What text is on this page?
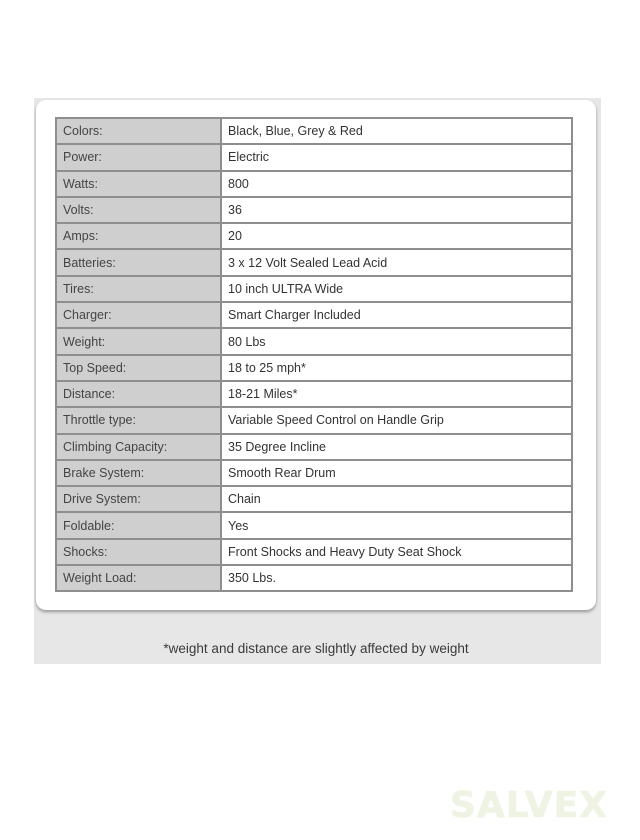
Colors:	Black, Blue, Grey & Red
Power:	Electric
Watts:	800
Volts:	36
Amps:	20
Batteries:	3 x 12 Volt Sealed Lead Acid
Tires:	10 inch ULTRA Wide
Charger:	Smart Charger Included
Weight:	80 Lbs
Top Speed:	18 to 25 mph*
Distance:	18-21 Miles*
Throttle type:	Variable Speed Control on Handle Grip
Climbing Capacity:	35 Degree Incline
Brake System:	Smooth Rear Drum
Drive System:	Chain
Foldable:	Yes
Shocks:	Front Shocks and Heavy Duty Seat Shock
Weight Load:	350 Lbs.
*weight and distance are slightly affected by weight
SALVEX
